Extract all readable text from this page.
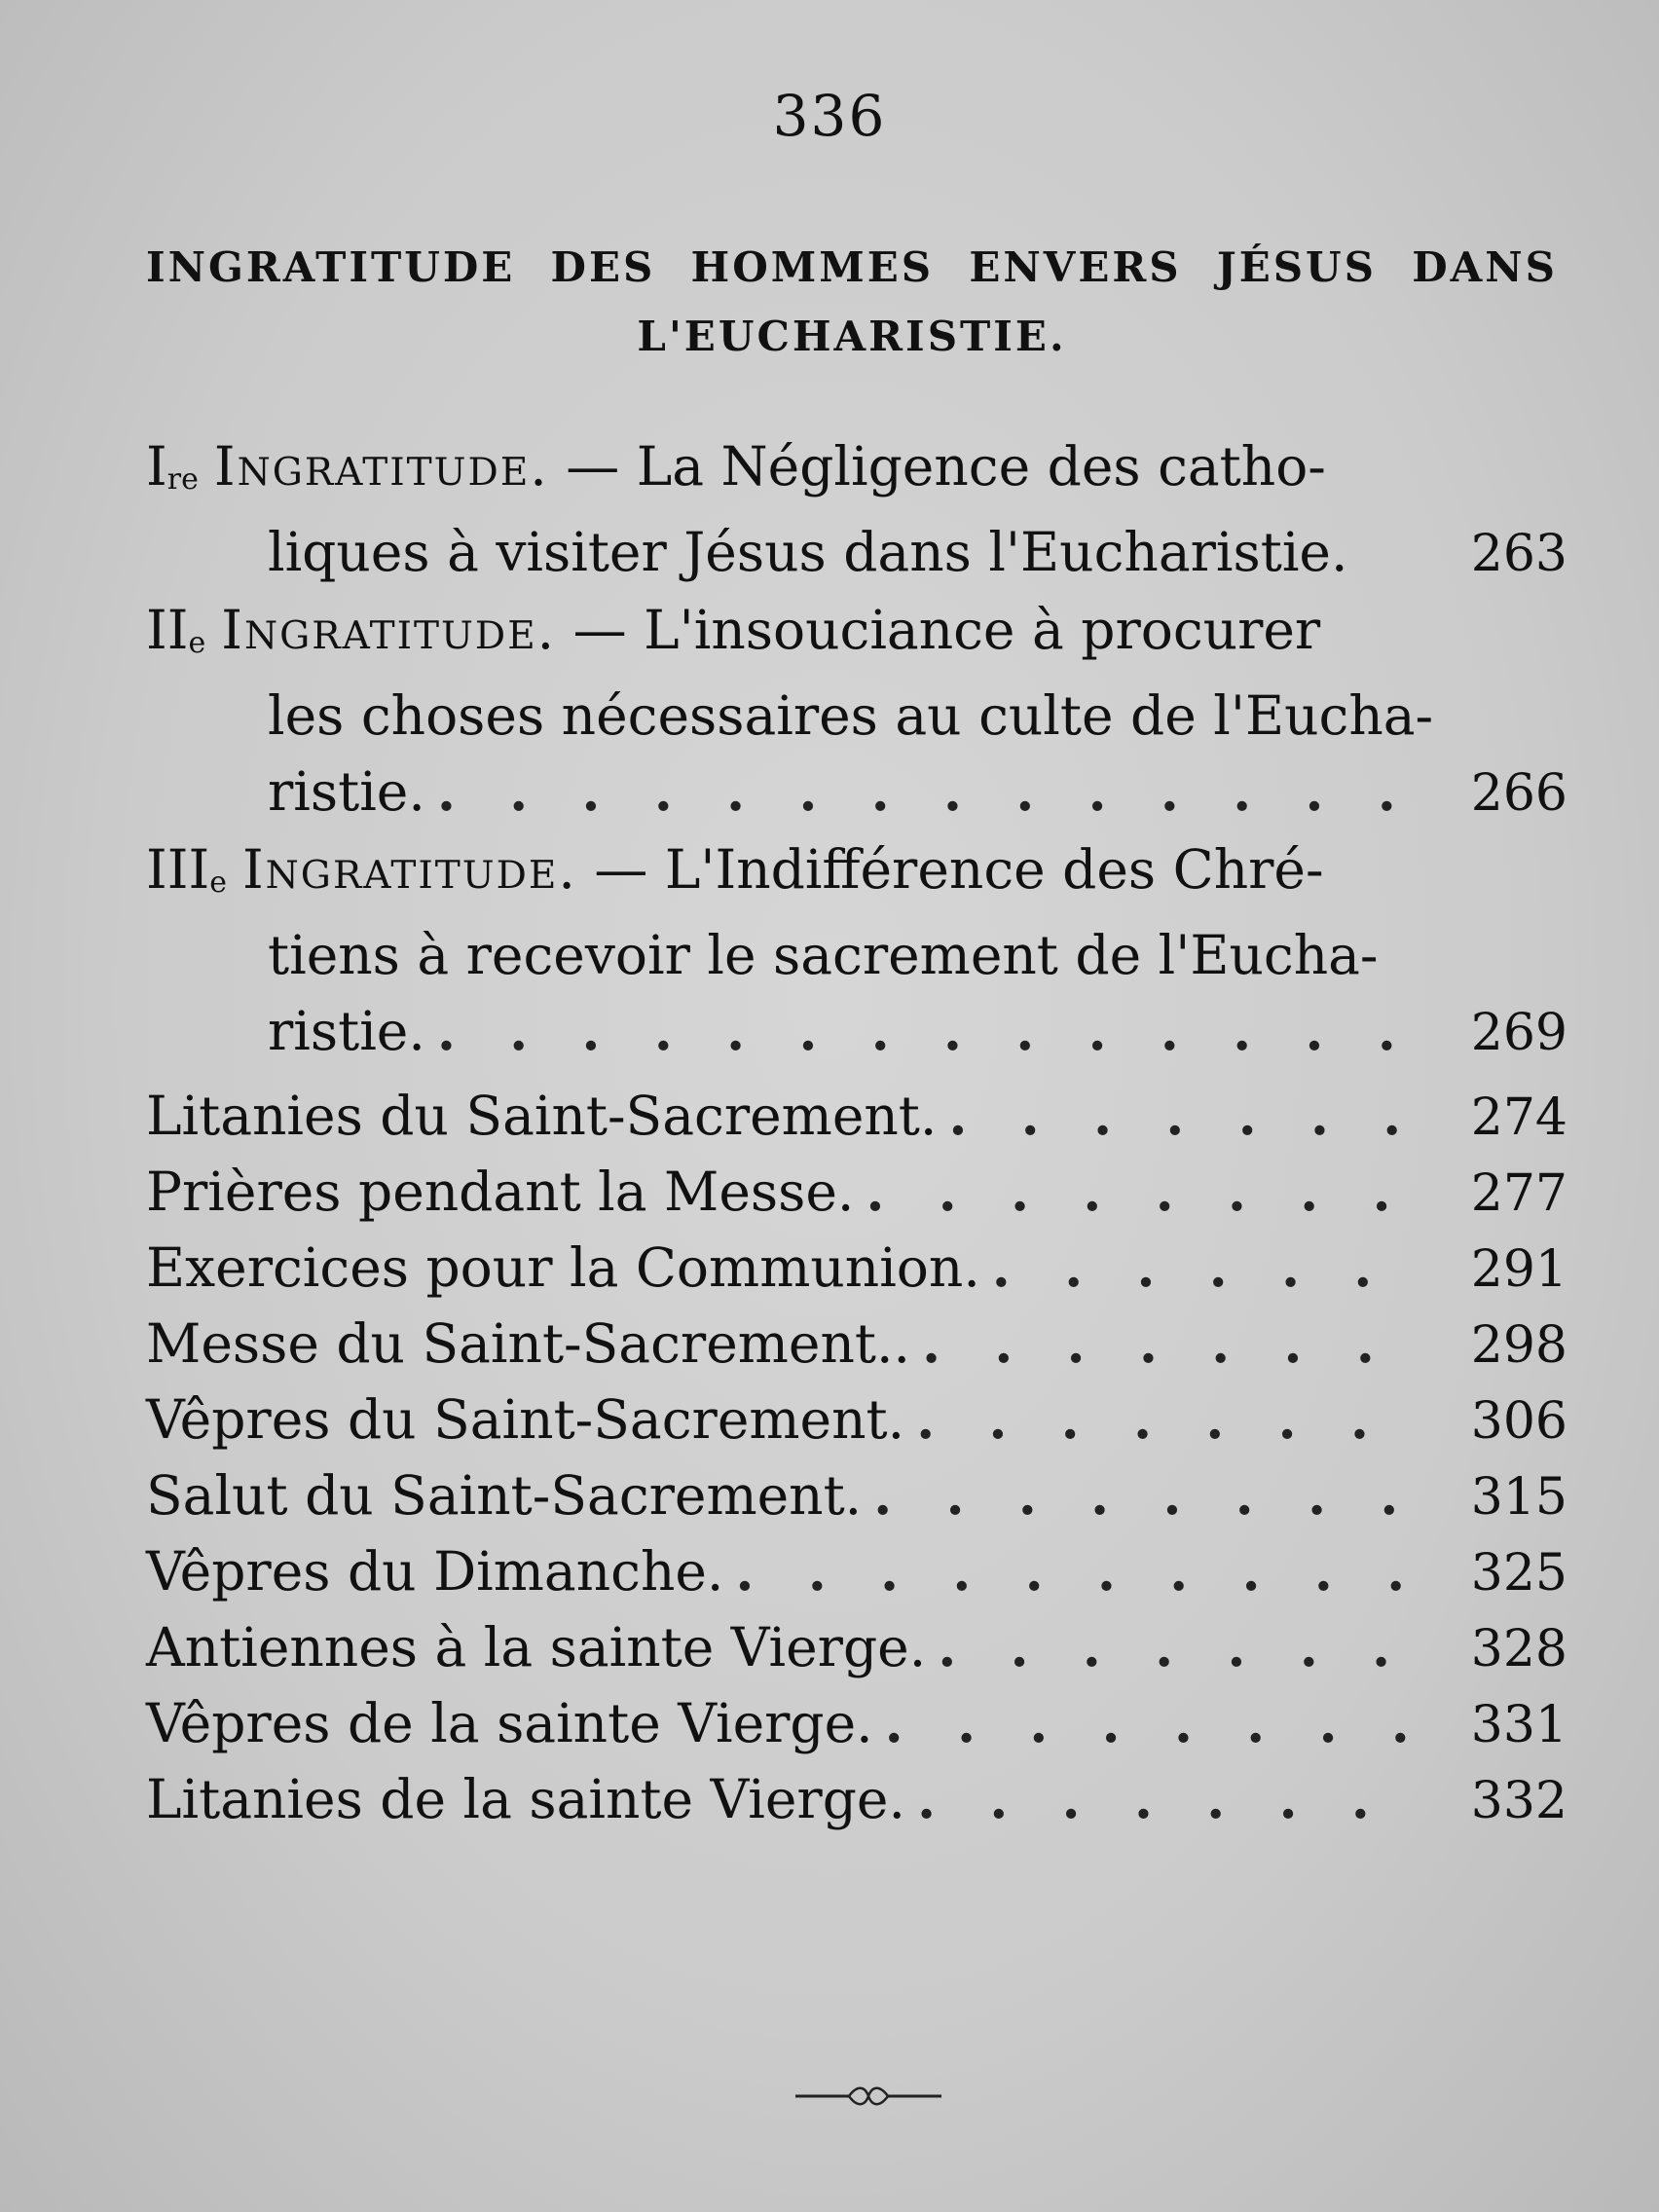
336
INGRATITUDE DES HOMMES ENVERS JÉSUS DANS
L'EUCHARISTIE.
Ire Ingratitude.
— La Négligence des catho-
liques à visiter Jésus dans l'Eucharistie.	263
IIe Ingratitude.
— L'insouciance à procurer
les choses nécessaires au culte de l'Eucha-
ristie. . . .	266
IIIe Ingratitude.
— L'Indifférence des Chré-
tiens à recevoir le sacrement de l'Eucha-
ristie. . . .	269
Litanies du Saint-Sacrement. . . .	274
Prières pendant la Messe. . . .	277
Exercices pour la Communion. . . .	291
Messe du Saint-Sacrement.. . . .	298
Vêpres du Saint-Sacrement. . . .	306
Salut du Saint-Sacrement. . . .	315
Vêpres du Dimanche. . . .	325
Antiennes à la sainte Vierge. . . .	328
Vêpres de la sainte Vierge. . . .	331
Litanies de la sainte Vierge. . . .	332
